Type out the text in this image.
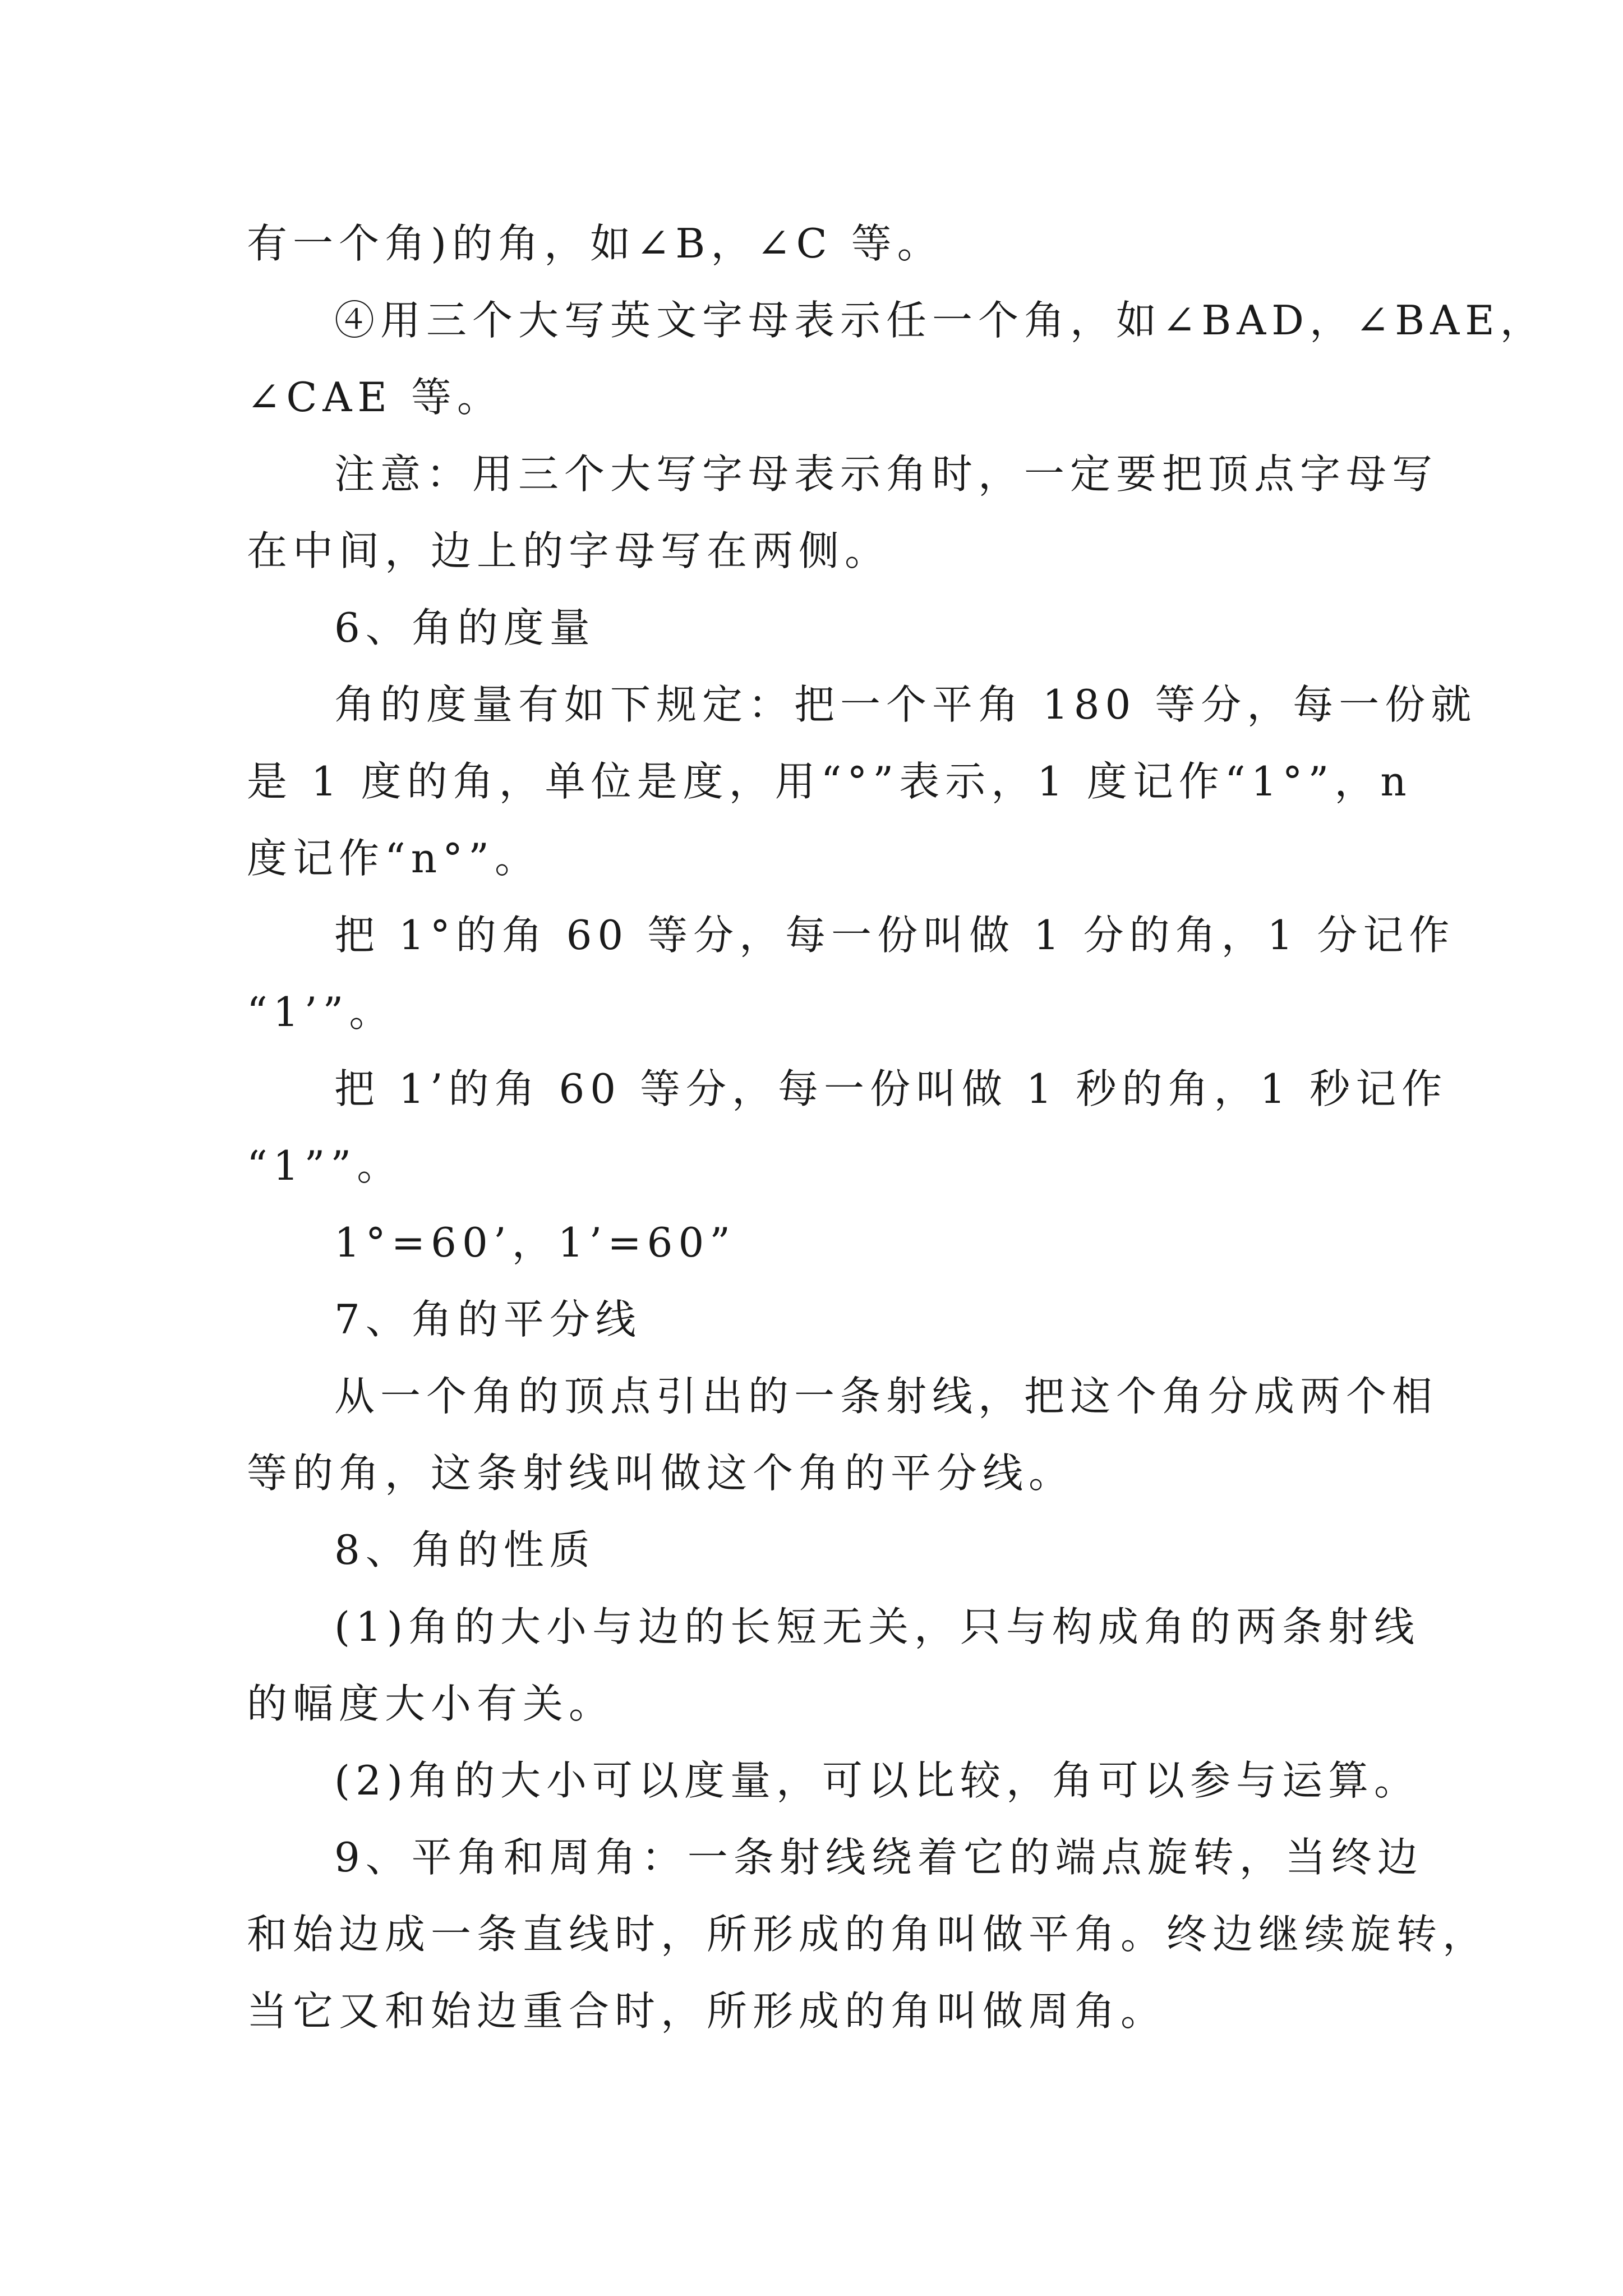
有一个角)的角，如∠B，∠C 等。
④用三个大写英文字母表示任一个角，如∠BAD，∠BAE，
∠CAE 等。
注意：用三个大写字母表示角时，一定要把顶点字母写
在中间，边上的字母写在两侧。
6、角的度量
角的度量有如下规定：把一个平角 180 等分，每一份就
是 1 度的角，单位是度，用“°”表示，1 度记作“1°”，n
度记作“n°”。
把 1°的角 60 等分，每一份叫做 1 分的角，1 分记作
“1’”。
把 1’的角 60 等分，每一份叫做 1 秒的角，1 秒记作
“1””。
1°=60’，1’=60”
7、角的平分线
从一个角的顶点引出的一条射线，把这个角分成两个相
等的角，这条射线叫做这个角的平分线。
8、角的性质
(1)角的大小与边的长短无关，只与构成角的两条射线
的幅度大小有关。
(2)角的大小可以度量，可以比较，角可以参与运算。
9、平角和周角：一条射线绕着它的端点旋转，当终边
和始边成一条直线时，所形成的角叫做平角。终边继续旋转，
当它又和始边重合时，所形成的角叫做周角。
